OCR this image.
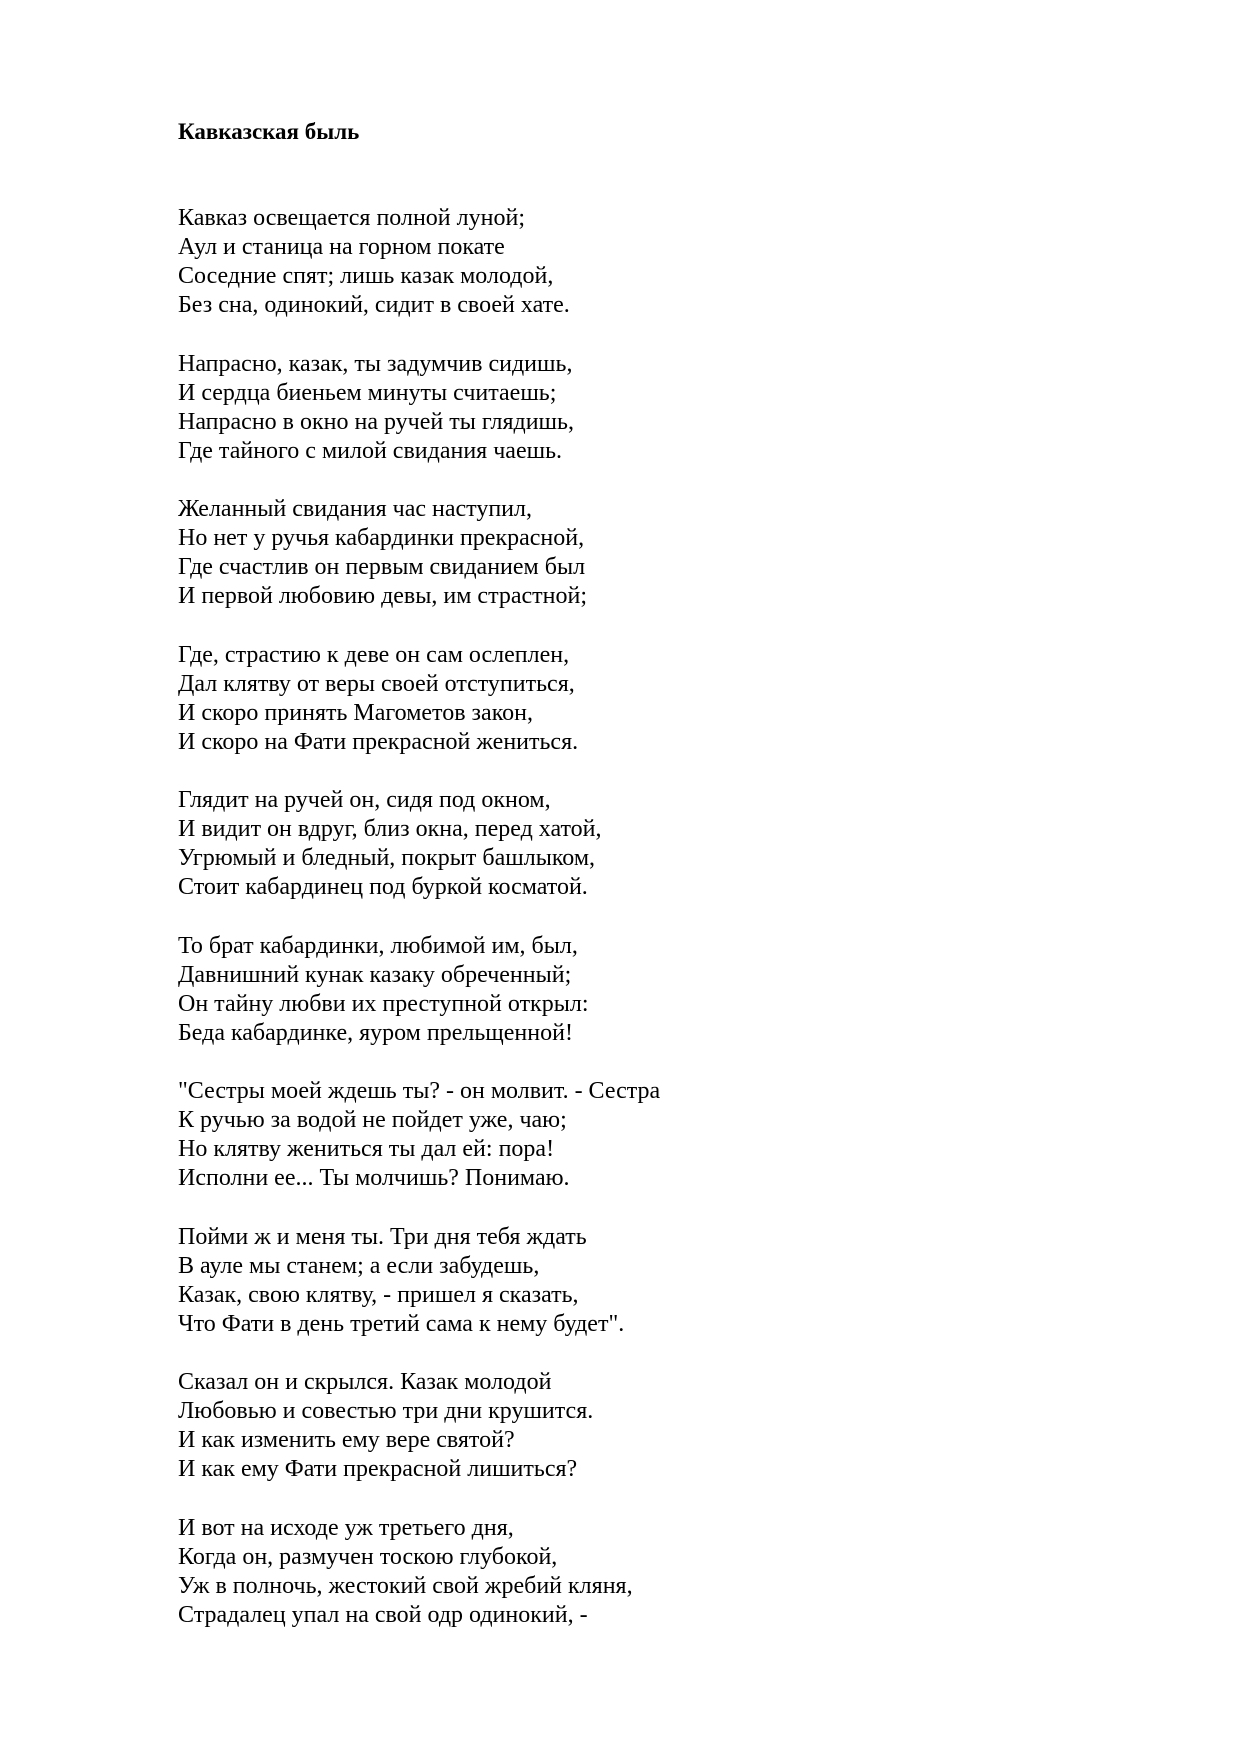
Кавказская быль
Кавказ освещается полной луной;
Аул и станица на горном покате
Соседние спят; лишь казак молодой,
Без сна, одинокий, сидит в своей хате.
Напрасно, казак, ты задумчив сидишь,
И сердца биеньем минуты считаешь;
Напрасно в окно на ручей ты глядишь,
Где тайного с милой свидания чаешь.
Желанный свидания час наступил,
Но нет у ручья кабардинки прекрасной,
Где счастлив он первым свиданием был
И первой любовию девы, им страстной;
Где, страстию к деве он сам ослеплен,
Дал клятву от веры своей отступиться,
И скоро принять Магометов закон,
И скоро на Фати прекрасной жениться.
Глядит на ручей он, сидя под окном,
И видит он вдруг, близ окна, перед хатой,
Угрюмый и бледный, покрыт башлыком,
Стоит кабардинец под буркой косматой.
То брат кабардинки, любимой им, был,
Давнишний кунак казаку обреченный;
Он тайну любви их преступной открыл:
Беда кабардинке, яуром прельщенной!
"Сестры моей ждешь ты? - он молвит. - Сестра
К ручью за водой не пойдет уже, чаю;
Но клятву жениться ты дал ей: пора!
Исполни ее... Ты молчишь? Понимаю.
Пойми ж и меня ты. Три дня тебя ждать
В ауле мы станем; а если забудешь,
Казак, свою клятву, - пришел я сказать,
Что Фати в день третий сама к нему будет".
Сказал он и скрылся. Казак молодой
Любовью и совестью три дни крушится.
И как изменить ему вере святой?
И как ему Фати прекрасной лишиться?
И вот на исходе уж третьего дня,
Когда он, размучен тоскою глубокой,
Уж в полночь, жестокий свой жребий кляня,
Страдалец упал на свой одр одинокий, -
